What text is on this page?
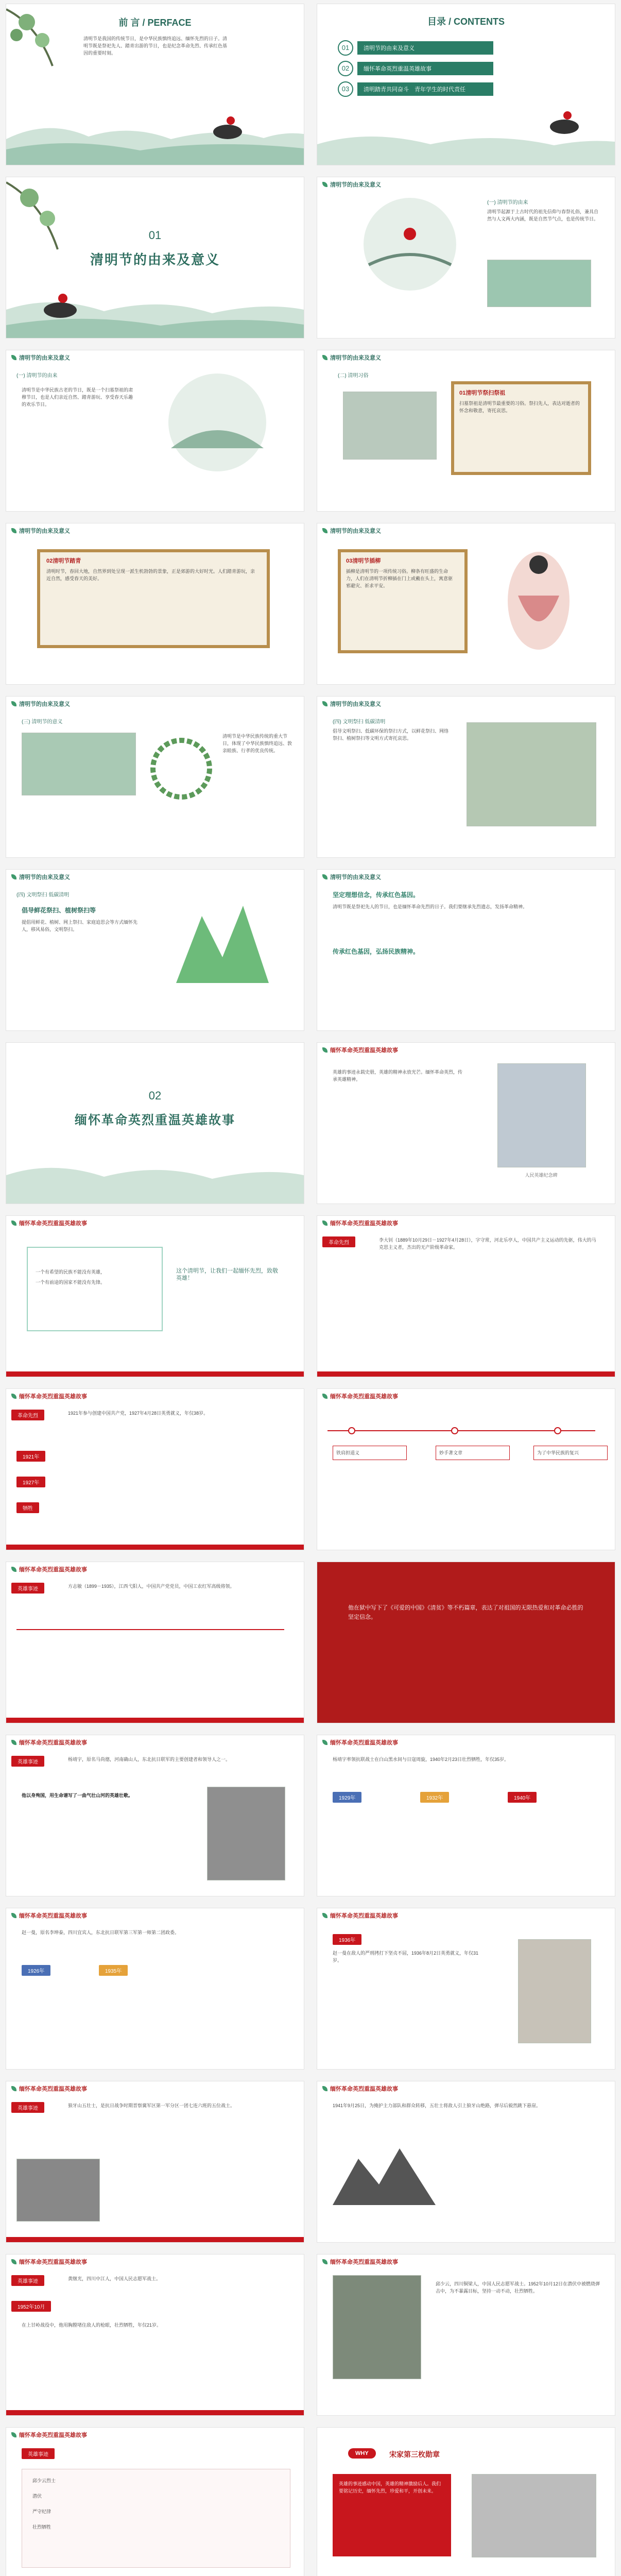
前 言 / PERFACE
清明节是我国的传统节日，是中华民族慎终追远、缅怀先烈的日子。清明节既是祭祀先人、踏青出游的节日，也是纪念革命先烈、传承红色基因的重要时刻。
目录 / CONTENTS
01	清明节的由来及意义
02	缅怀革命英烈重温英雄故事
03	清明踏青共同奋斗　青年学生的时代责任
01
清明节的由来及意义
清明节的由来及意义
(一) 清明节的由来
清明节起源于上古时代的祖先信仰与春祭礼俗，兼具自然与人文两大内涵，既是自然节气点，也是传统节日。
清明节的由来及意义
(一) 清明节的由来
清明节是中华民族古老的节日，既是一个扫墓祭祖的肃穆节日，也是人们亲近自然、踏青游玩、享受春天乐趣的欢乐节日。
清明节的由来及意义
(二) 清明习俗
01清明节祭扫祭祖
扫墓祭祖是清明节最重要的习俗。祭扫先人，表达对逝者的怀念和敬意，寄托哀思。
清明节的由来及意义
02清明节踏青
清明时节，春回大地，自然界到处呈现一派生机勃勃的景象，正是郊游的大好时光。人们踏青游玩，亲近自然，感受春天的美好。
清明节的由来及意义
03清明节插柳
插柳是清明节的一项传统习俗。柳条有旺盛的生命力，人们在清明节折柳插在门上或戴在头上，寓意驱邪避灾、祈求平安。
清明节的由来及意义
(三) 清明节的意义
清明节是中华民族传统的重大节日，体现了中华民族慎终追远、敦亲睦族、行孝的优良传统。
清明节的由来及意义
(四) 文明祭扫 低碳清明
倡导文明祭扫、低碳环保的祭扫方式，以鲜花祭扫、网络祭扫、植树祭扫等文明方式寄托哀思。
清明节的由来及意义
(四) 文明祭扫 低碳清明
倡导鲜花祭扫、植树祭扫等
提倡用鲜花、植树、网上祭扫、家庭追思会等方式缅怀先人，移风易俗，文明祭扫。
清明节的由来及意义
坚定理想信念，传承红色基因。
清明节既是祭祀先人的节日，也是缅怀革命先烈的日子。我们要继承先烈遗志，发扬革命精神。
传承红色基因，弘扬民族精神。
02
缅怀革命英烈重温英雄故事
缅怀革命英烈重温英雄故事
英雄的事迹永载史册，英雄的精神永放光芒。缅怀革命英烈，传承英雄精神。
人民英雄纪念碑
缅怀革命英烈重温英雄故事
一个有希望的民族不能没有英雄，
一个有前途的国家不能没有先锋。
这个清明节，让我们一起缅怀先烈，致敬英雄！
缅怀革命英烈重温英雄故事
革命先烈	李大钊（1889年10月29日－1927年4月28日），字守常，河北乐亭人，中国共产主义运动的先驱，伟大的马克思主义者，杰出的无产阶级革命家。
缅怀革命英烈重温英雄故事
革命先烈	1921年参与创建中国共产党，1927年4月28日英勇就义，年仅38岁。
1921年
1927年
牺牲
缅怀革命英烈重温英雄故事
铁肩担道义	妙手著文章	为了中华民族的复兴
缅怀革命英烈重温英雄故事
英雄事迹	方志敏（1899－1935），江西弋阳人，中国共产党党员，中国工农红军高级将领。
他在狱中写下了《可爱的中国》《清贫》等不朽篇章，表达了对祖国的无限热爱和对革命必胜的坚定信念。
缅怀革命英烈重温英雄故事
英雄事迹	杨靖宇，原名马尚德，河南确山人，东北抗日联军的主要创建者和领导人之一。
他以身殉国，用生命谱写了一曲气壮山河的英雄壮歌。
缅怀革命英烈重温英雄故事
杨靖宇率领抗联战士在白山黑水间与日寇周旋，1940年2月23日壮烈牺牲，年仅35岁。
1929年	1932年	1940年
缅怀革命英烈重温英雄故事
赵一曼，原名李坤泰，四川宜宾人，东北抗日联军第三军第一师第二团政委。
1926年	1935年
缅怀革命英烈重温英雄故事
1936年
赵一曼在敌人的严刑拷打下坚贞不屈，1936年8月2日英勇就义，年仅31岁。
缅怀革命英烈重温英雄故事
英雄事迹	狼牙山五壮士，是抗日战争时期晋察冀军区第一军分区一团七连六班的五位战士。
缅怀革命英烈重温英雄故事
1941年9月25日，为掩护主力部队和群众转移，五壮士将敌人引上狼牙山绝路，弹尽后毅然跳下悬崖。
缅怀革命英烈重温英雄故事
英雄事迹	黄继光，四川中江人，中国人民志愿军战士。
1952年10月
在上甘岭战役中，他用胸膛堵住敌人的枪眼，壮烈牺牲，年仅21岁。
缅怀革命英烈重温英雄故事
邱少云，四川铜梁人，中国人民志愿军战士。1952年10月12日在潜伏中被燃烧弹击中，为不暴露目标，坚持一动不动，壮烈牺牲。
缅怀革命英烈重温英雄故事
英雄事迹
邱少云烈士
潜伏
严守纪律
壮烈牺牲
WHY	宋家第三枚勋章
英雄的事迹感动中国，英雄的精神激励后人。我们要铭记历史，缅怀先烈，珍爱和平，开创未来。
